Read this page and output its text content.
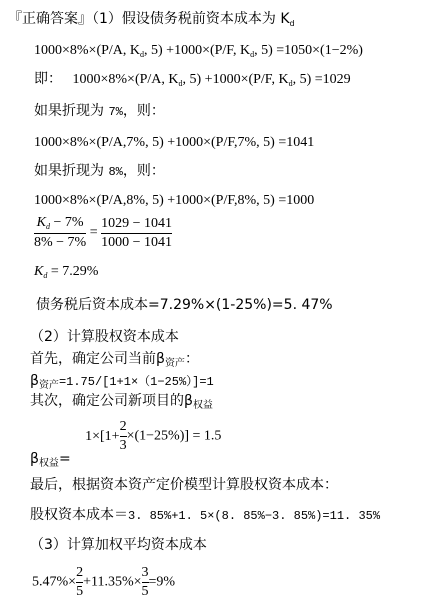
『正确答案』（1）假设债务税前资本成本为 $K_d$
1000×8%×(P/A, $K_d$, 5) +1000×(P/F, $K_d$, 5) =1050×(1−2%)
即： 1000×8%×(P/A, $K_d$, 5) +1000×(P/F, $K_d$, 5) =1029
如果折现为 7%，则：
1000×8%×(P/A,7%, 5) +1000×(P/F,7%, 5) =1041
如果折现为 8%，则：
1000×8%×(P/A,8%, 5) +1000×(P/F,8%, 5) =1000
$\frac{K_d - 7\%}{8\% - 7\%} = \frac{1029 - 1041}{1000 - 1041}$
$K_d = 7.29\%$
债务税后资本成本=7.29%×(1-25%)=5. 47%
（2）计算股权资本成本
首先，确定公司当前$\beta_{资产}$：
$\beta_{资产}=1.75/[1+1\times(1-25\%)]=1$
其次，确定公司新项目的$\beta_{权益}$
$\beta_{权益}= 1\times[1+ \frac{2}{3} \times(1-25\%)] = 1.5$
最后，根据资本资产定价模型计算股权资本成本：
股权资本成本＝3. 85%+1. 5×(8. 85%−3. 85%)=11. 35%
（3）计算加权平均资本成本
$5.47\%\times \frac{2}{5} +11.35\%\times \frac{3}{5} =9\%$
